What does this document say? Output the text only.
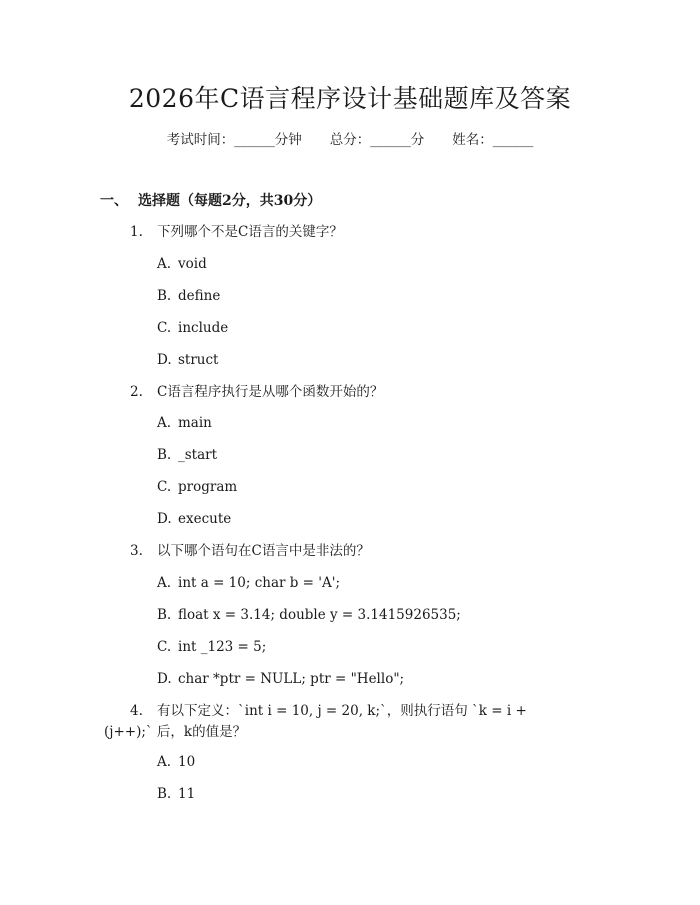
2026年C语言程序设计基础题库及答案
考试时间：______分钟 总分：______分 姓名：______
一、 选择题（每题2分，共30分）
1. 下列哪个不是C语言的关键字？
A. void
B. define
C. include
D. struct
2. C语言程序执行是从哪个函数开始的？
A. main
B. _start
C. program
D. execute
3. 以下哪个语句在C语言中是非法的？
A. int a = 10; char b = 'A';
B. float x = 3.14; double y = 3.1415926535;
C. int _123 = 5;
D. char *ptr = NULL; ptr = "Hello";
4. 有以下定义：`int i = 10, j = 20, k;`，则执行语句 `k = i +
(j++);` 后，k的值是？
A. 10
B. 11
